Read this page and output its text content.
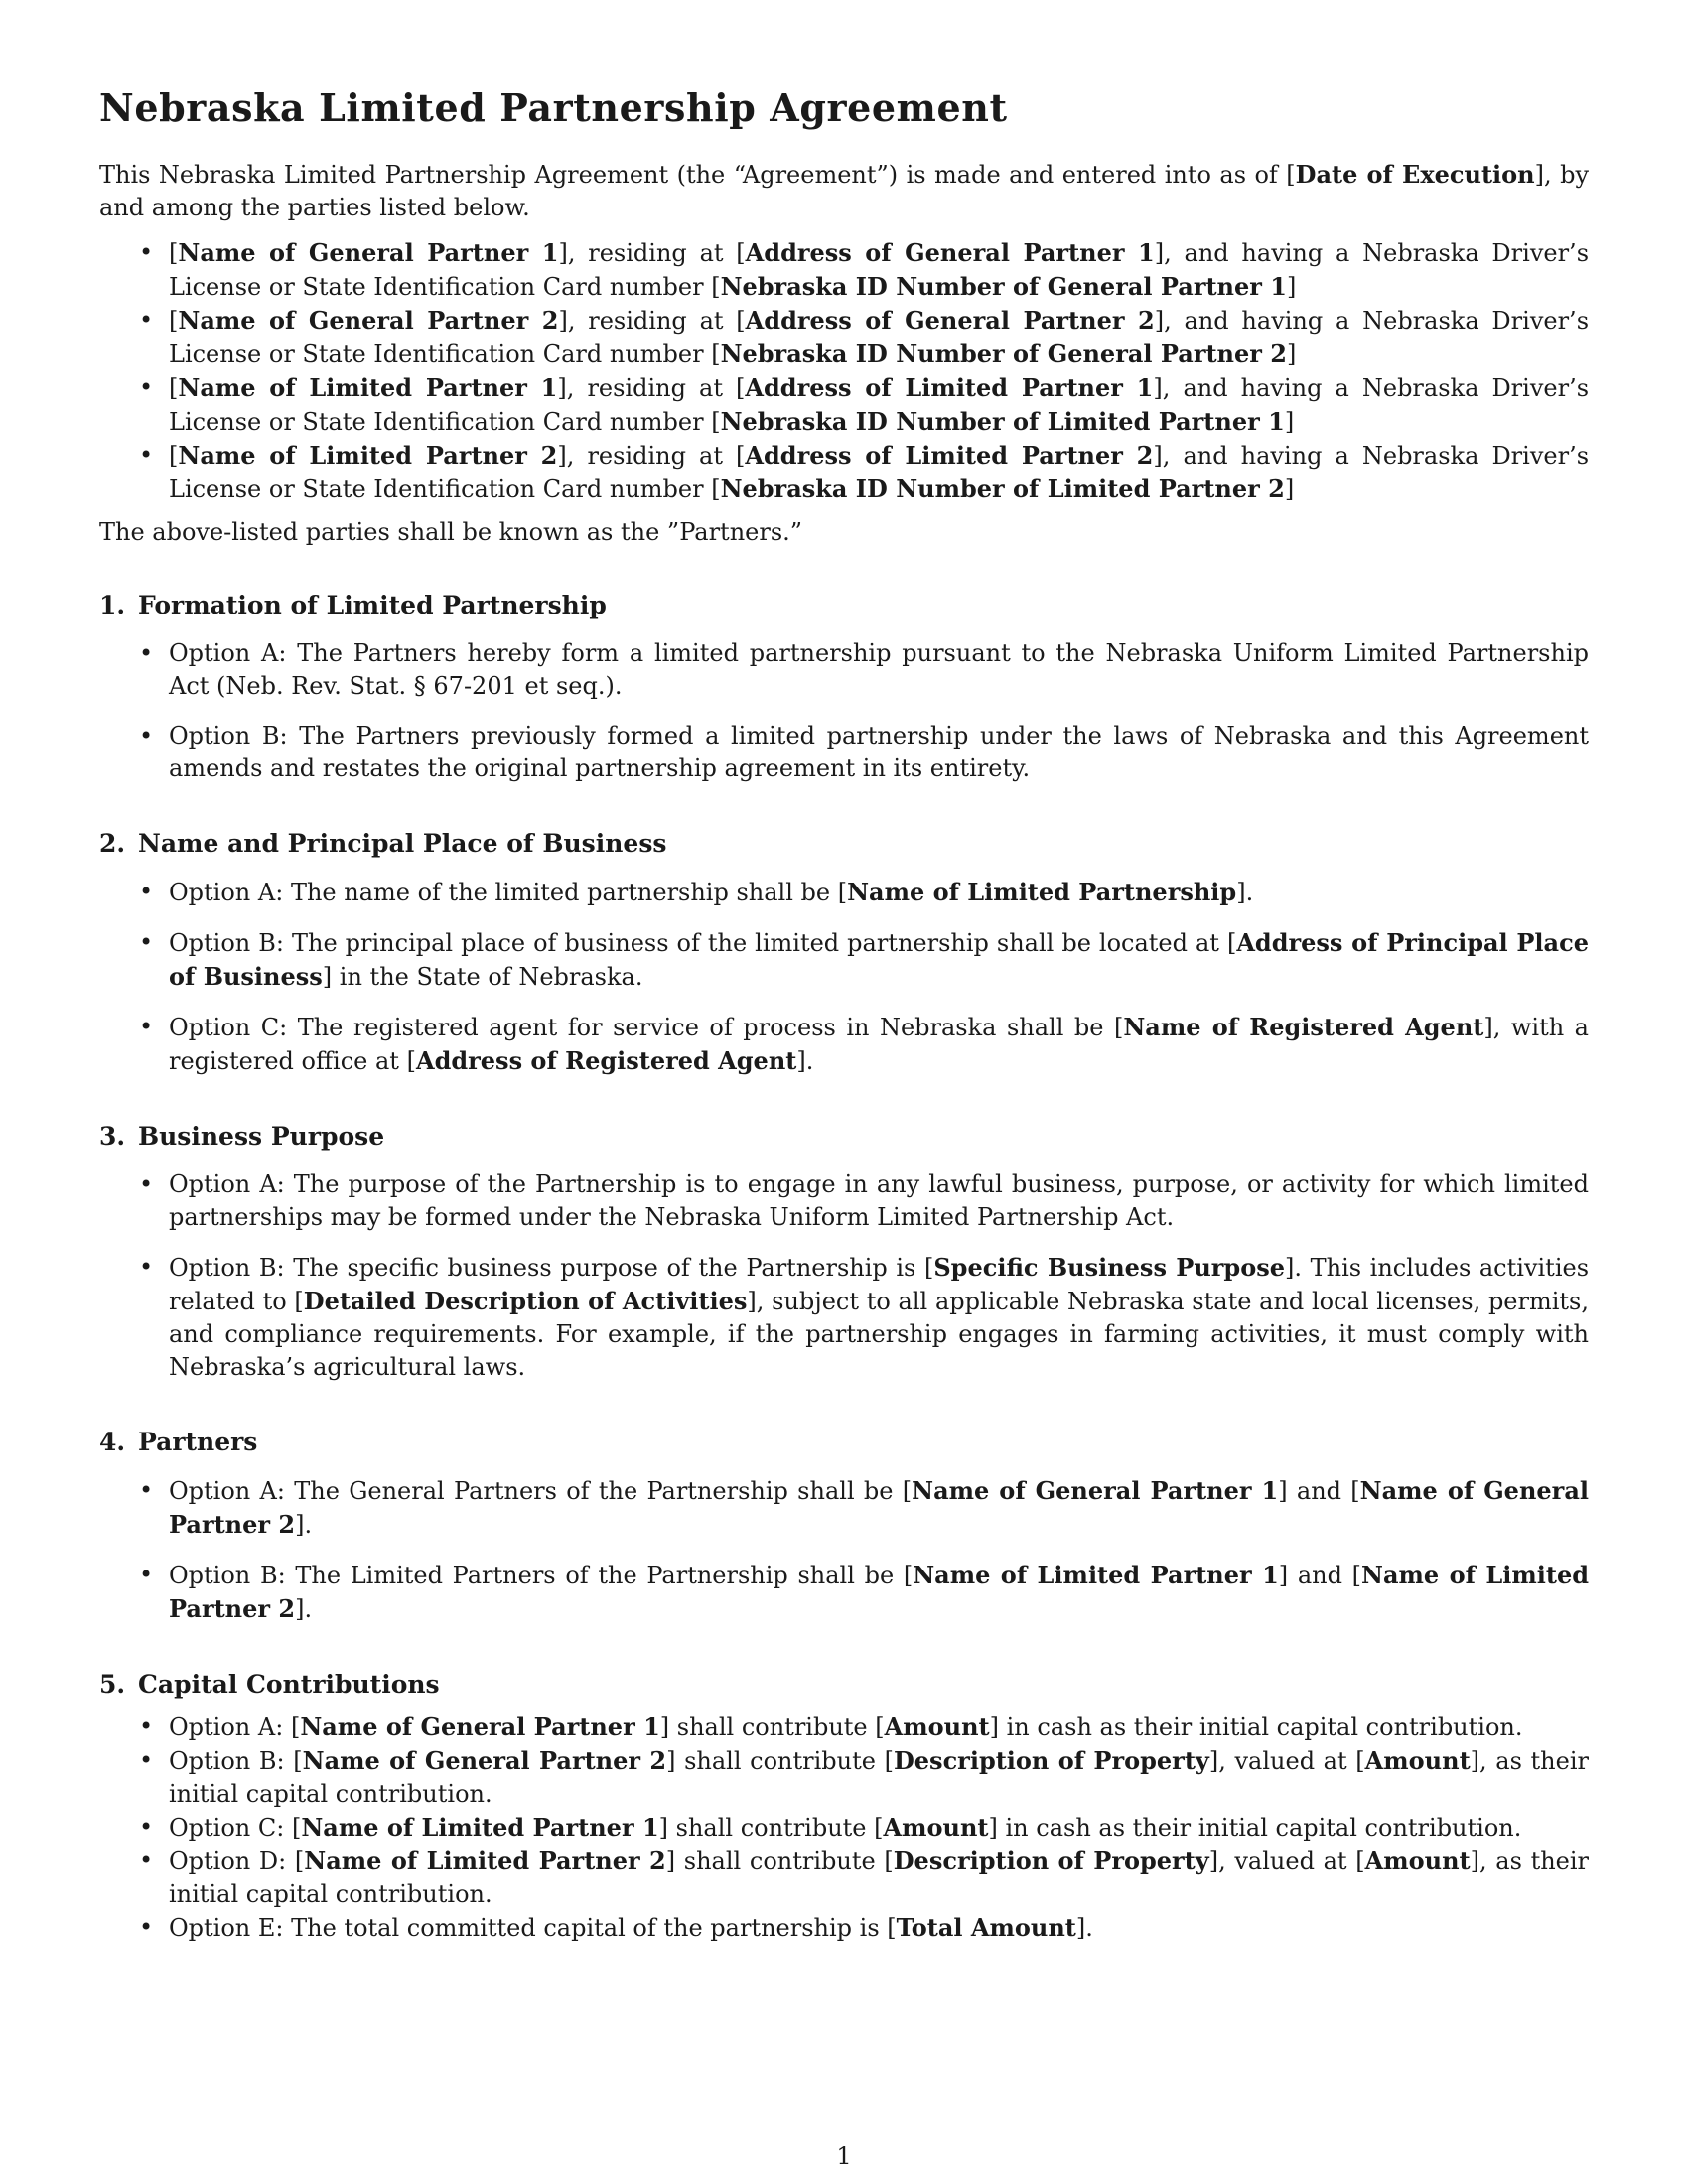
Nebraska Limited Partnership Agreement

This Nebraska Limited Partnership Agreement (the “Agreement”) is made and entered into as of [Date of Execution], by and among the parties listed below.

• [Name of General Partner 1], residing at [Address of General Partner 1], and having a Nebraska Driver’s License or State Identification Card number [Nebraska ID Number of General Partner 1]
• [Name of General Partner 2], residing at [Address of General Partner 2], and having a Nebraska Driver’s License or State Identification Card number [Nebraska ID Number of General Partner 2]
• [Name of Limited Partner 1], residing at [Address of Limited Partner 1], and having a Nebraska Driver’s License or State Identification Card number [Nebraska ID Number of Limited Partner 1]
• [Name of Limited Partner 2], residing at [Address of Limited Partner 2], and having a Nebraska Driver’s License or State Identification Card number [Nebraska ID Number of Limited Partner 2]

The above-listed parties shall be known as the ”Partners.”

1. Formation of Limited Partnership
• Option A: The Partners hereby form a limited partnership pursuant to the Nebraska Uniform Limited Partnership Act (Neb. Rev. Stat. § 67-201 et seq.).
• Option B: The Partners previously formed a limited partnership under the laws of Nebraska and this Agreement amends and restates the original partnership agreement in its entirety.
2. Name and Principal Place of Business
• Option A: The name of the limited partnership shall be [Name of Limited Partnership].
• Option B: The principal place of business of the limited partnership shall be located at [Address of Principal Place of Business] in the State of Nebraska.
• Option C: The registered agent for service of process in Nebraska shall be [Name of Registered Agent], with a registered office at [Address of Registered Agent].
3. Business Purpose
• Option A: The purpose of the Partnership is to engage in any lawful business, purpose, or activity for which limited partnerships may be formed under the Nebraska Uniform Limited Partnership Act.
• Option B: The specific business purpose of the Partnership is [Specific Business Purpose]. This includes activities related to [Detailed Description of Activities], subject to all applicable Nebraska state and local licenses, permits, and compliance requirements. For example, if the partnership engages in farming activities, it must comply with Nebraska’s agricultural laws.
4. Partners
• Option A: The General Partners of the Partnership shall be [Name of General Partner 1] and [Name of General Partner 2].
• Option B: The Limited Partners of the Partnership shall be [Name of Limited Partner 1] and [Name of Limited Partner 2].
5. Capital Contributions
• Option A: [Name of General Partner 1] shall contribute [Amount] in cash as their initial capital contribution.
• Option B: [Name of General Partner 2] shall contribute [Description of Property], valued at [Amount], as their initial capital contribution.
• Option C: [Name of Limited Partner 1] shall contribute [Amount] in cash as their initial capital contribution.
• Option D: [Name of Limited Partner 2] shall contribute [Description of Property], valued at [Amount], as their initial capital contribution.
• Option E: The total committed capital of the partnership is [Total Amount].
1
